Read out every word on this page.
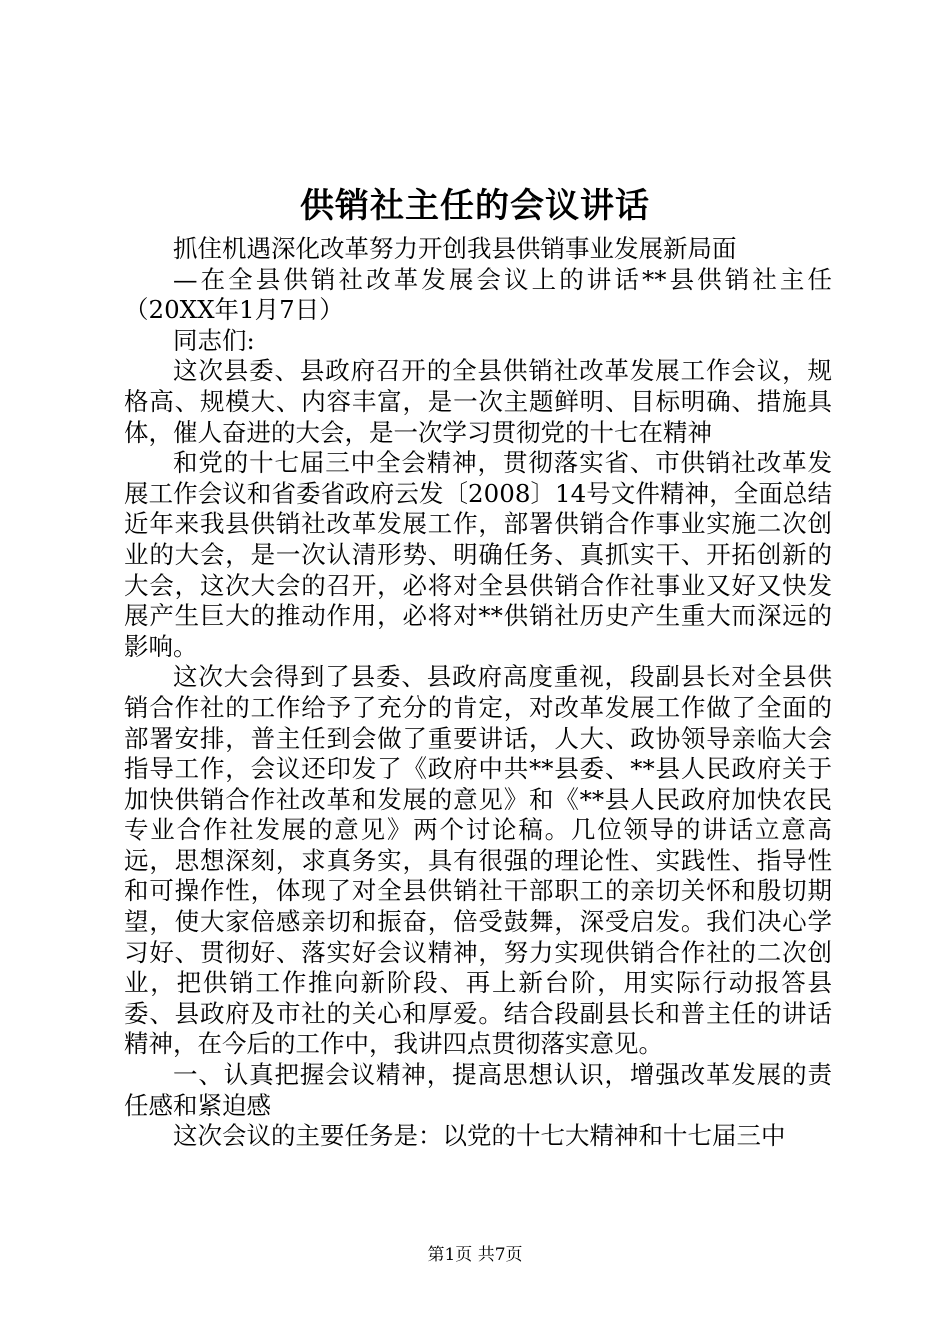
供销社主任的会议讲话

抓住机遇深化改革努力开创我县供销事业发展新局面

—在全县供销社改革发展会议上的讲话**县供销社主任（20XX年1月7日）

同志们:

这次县委、县政府召开的全县供销社改革发展工作会议，规格高、规模大、内容丰富，是一次主题鲜明、目标明确、措施具体，催人奋进的大会，是一次学习贯彻党的十七在精神

和党的十七届三中全会精神，贯彻落实省、市供销社改革发展工作会议和省委省政府云发〔2008〕14号文件精神，全面总结近年来我县供销社改革发展工作，部署供销合作事业实施二次创业的大会，是一次认清形势、明确任务、真抓实干、开拓创新的大会，这次大会的召开，必将对全县供销合作社事业又好又快发展产生巨大的推动作用，必将对**供销社历史产生重大而深远的影响。

这次大会得到了县委、县政府高度重视，段副县长对全县供销合作社的工作给予了充分的肯定，对改革发展工作做了全面的部署安排，普主任到会做了重要讲话，人大、政协领导亲临大会指导工作，会议还印发了《政府中共**县委、**县人民政府关于加快供销合作社改革和发展的意见》和《**县人民政府加快农民专业合作社发展的意见》两个讨论稿。几位领导的讲话立意高远，思想深刻，求真务实，具有很强的理论性、实践性、指导性和可操作性，体现了对全县供销社干部职工的亲切关怀和殷切期望，使大家倍感亲切和振奋，倍受鼓舞，深受启发。我们决心学习好、贯彻好、落实好会议精神，努力实现供销合作社的二次创业，把供销工作推向新阶段、再上新台阶，用实际行动报答县委、县政府及市社的关心和厚爱。结合段副县长和普主任的讲话精神，在今后的工作中，我讲四点贯彻落实意见。

一、认真把握会议精神，提高思想认识，增强改革发展的责任感和紧迫感

这次会议的主要任务是：以党的十七大精神和十七届三中

第1页 共7页
